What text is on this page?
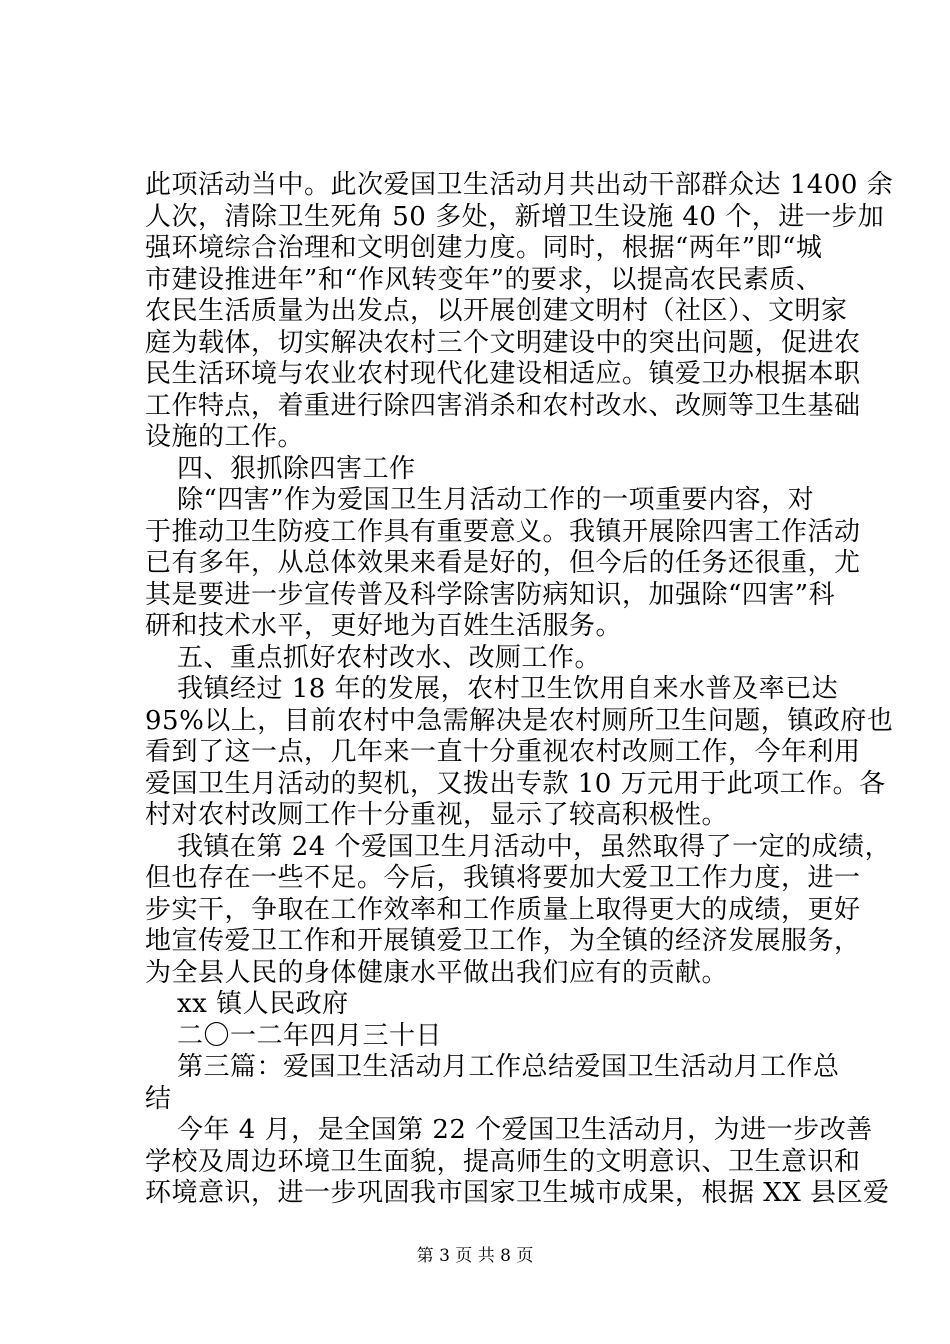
此项活动当中。此次爱国卫生活动月共出动干部群众达 1400 余
人次，清除卫生死角 50 多处，新增卫生设施 40 个，进一步加
强环境综合治理和文明创建力度。同时，根据“两年”即“城
市建设推进年”和“作风转变年”的要求，以提高农民素质、
农民生活质量为出发点，以开展创建文明村（社区）、文明家
庭为载体，切实解决农村三个文明建设中的突出问题，促进农
民生活环境与农业农村现代化建设相适应。镇爱卫办根据本职
工作特点，着重进行除四害消杀和农村改水、改厕等卫生基础
设施的工作。
四、狠抓除四害工作
除“四害”作为爱国卫生月活动工作的一项重要内容，对
于推动卫生防疫工作具有重要意义。我镇开展除四害工作活动
已有多年，从总体效果来看是好的，但今后的任务还很重，尤
其是要进一步宣传普及科学除害防病知识，加强除“四害”科
研和技术水平，更好地为百姓生活服务。
五、重点抓好农村改水、改厕工作。
我镇经过 18 年的发展，农村卫生饮用自来水普及率已达
95%以上，目前农村中急需解决是农村厕所卫生问题，镇政府也
看到了这一点，几年来一直十分重视农村改厕工作，今年利用
爱国卫生月活动的契机，又拨出专款 10 万元用于此项工作。各
村对农村改厕工作十分重视，显示了较高积极性。
我镇在第 24 个爱国卫生月活动中，虽然取得了一定的成绩，
但也存在一些不足。今后，我镇将要加大爱卫工作力度，进一
步实干，争取在工作效率和工作质量上取得更大的成绩，更好
地宣传爱卫工作和开展镇爱卫工作，为全镇的经济发展服务，
为全县人民的身体健康水平做出我们应有的贡献。
xx 镇人民政府
二〇一二年四月三十日
第三篇：爱国卫生活动月工作总结爱国卫生活动月工作总
结
今年 4 月，是全国第 22 个爱国卫生活动月，为进一步改善
学校及周边环境卫生面貌，提高师生的文明意识、卫生意识和
环境意识，进一步巩固我市国家卫生城市成果，根据 XX 县区爱
第 3 页 共 8 页
